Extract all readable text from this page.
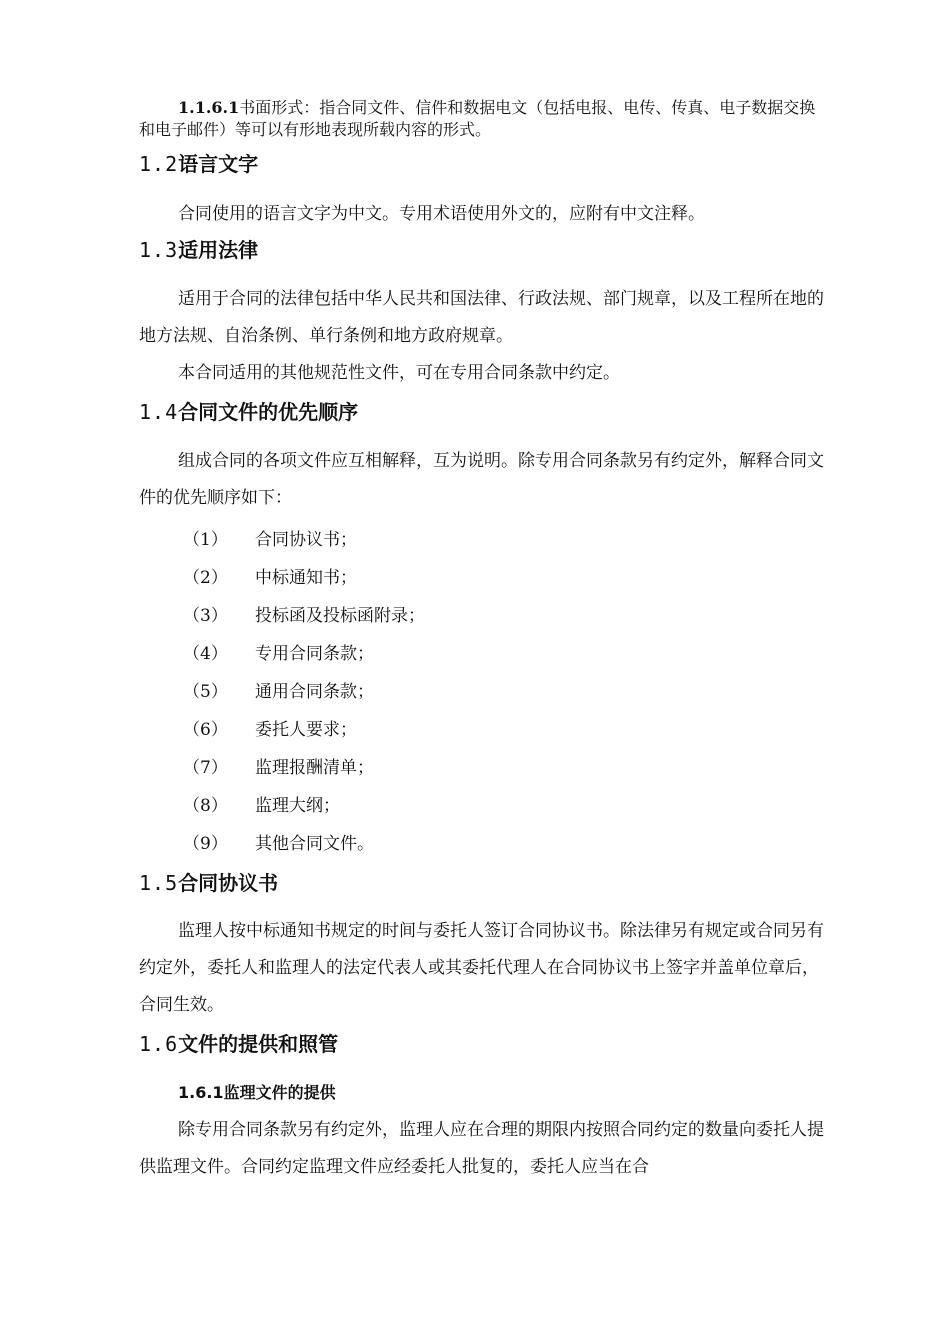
1.1.6.1书面形式：指合同文件、信件和数据电文（包括电报、电传、传真、电子数据交换和电子邮件）等可以有形地表现所载内容的形式。

1.2语言文字

合同使用的语言文字为中文。专用术语使用外文的，应附有中文注释。

1.3适用法律

适用于合同的法律包括中华人民共和国法律、行政法规、部门规章，以及工程所在地的地方法规、自治条例、单行条例和地方政府规章。

本合同适用的其他规范性文件，可在专用合同条款中约定。

1.4合同文件的优先顺序

组成合同的各项文件应互相解释，互为说明。除专用合同条款另有约定外，解释合同文件的优先顺序如下：

（1） 合同协议书；
（2） 中标通知书；
（3） 投标函及投标函附录；
（4） 专用合同条款；
（5） 通用合同条款；
（6） 委托人要求；
（7） 监理报酬清单；
（8） 监理大纲；
（9） 其他合同文件。

1.5合同协议书

监理人按中标通知书规定的时间与委托人签订合同协议书。除法律另有规定或合同另有约定外，委托人和监理人的法定代表人或其委托代理人在合同协议书上签字并盖单位章后，合同生效。

1.6文件的提供和照管

1.6.1监理文件的提供

除专用合同条款另有约定外，监理人应在合理的期限内按照合同约定的数量向委托人提供监理文件。合同约定监理文件应经委托人批复的，委托人应当在合
